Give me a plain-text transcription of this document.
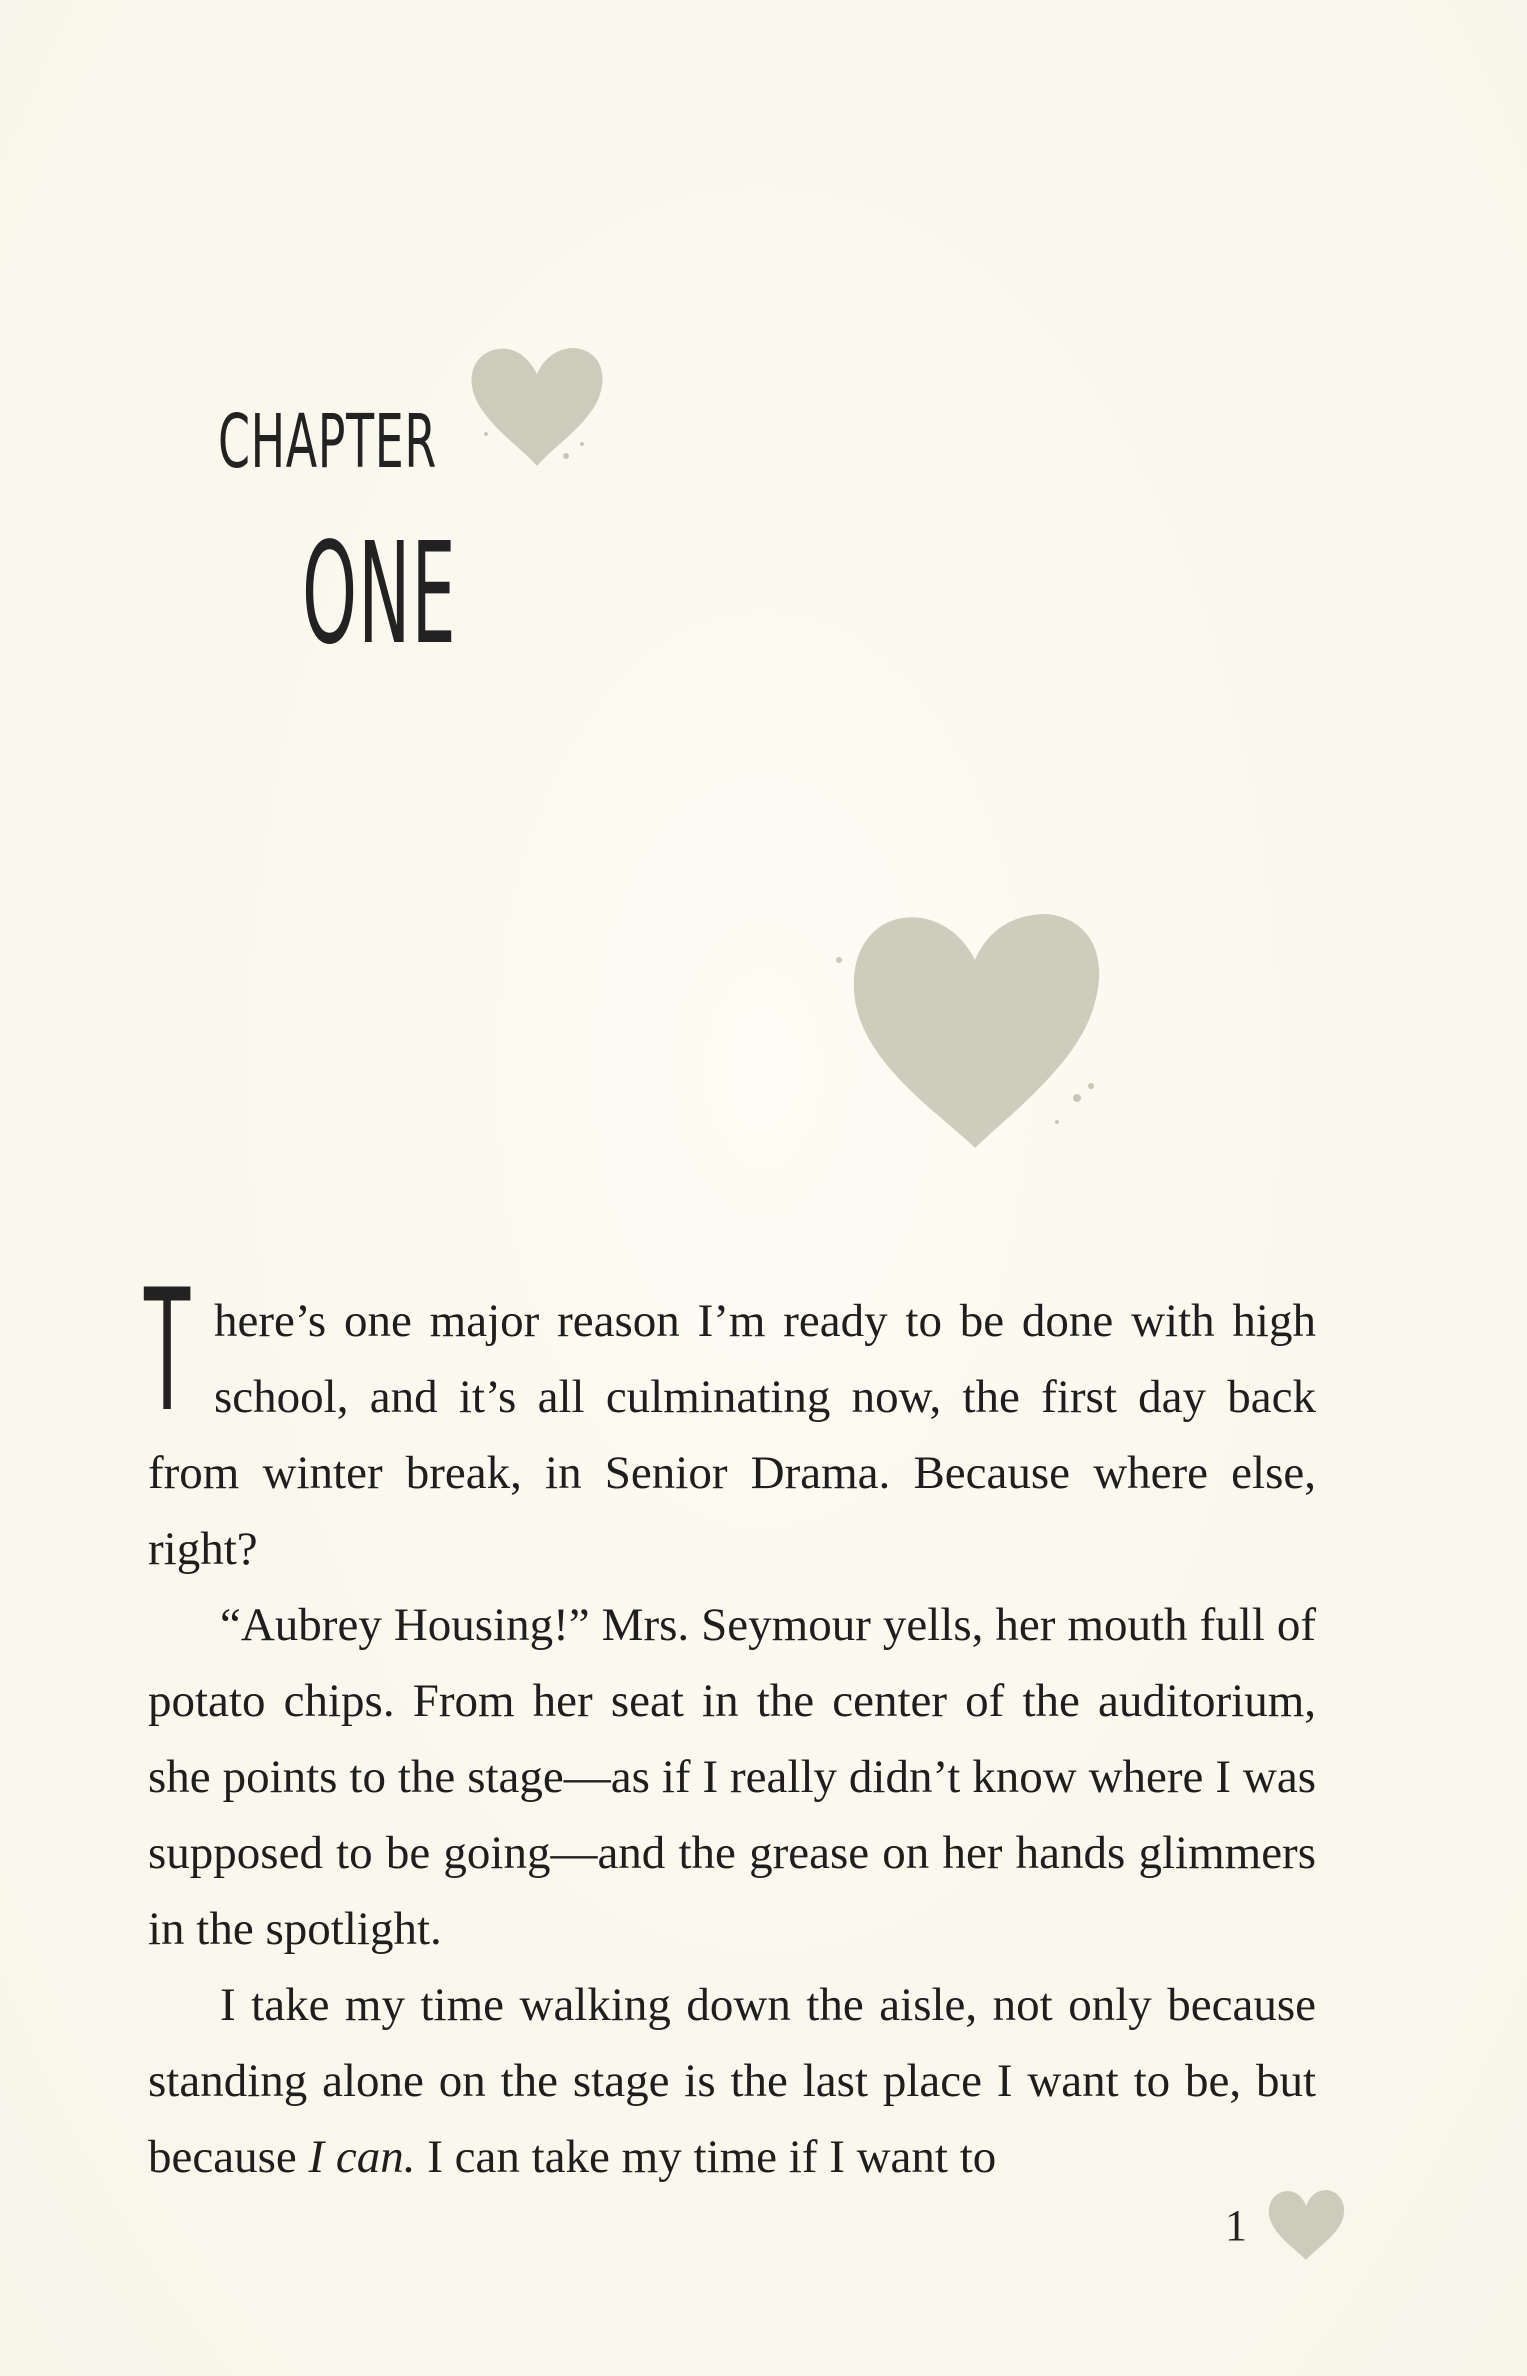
CHAPTER
ONE

There’s one major reason I’m ready to be done with high school, and it’s all culminating now, the first day back from winter break, in Senior Drama. Because where else, right?

“Aubrey Housing!” Mrs. Seymour yells, her mouth full of potato chips. From her seat in the center of the auditorium, she points to the stage—as if I really didn’t know where I was supposed to be going—and the grease on her hands glimmers in the spotlight.

I take my time walking down the aisle, not only because standing alone on the stage is the last place I want to be, but because I can. I can take my time if I want to

1
